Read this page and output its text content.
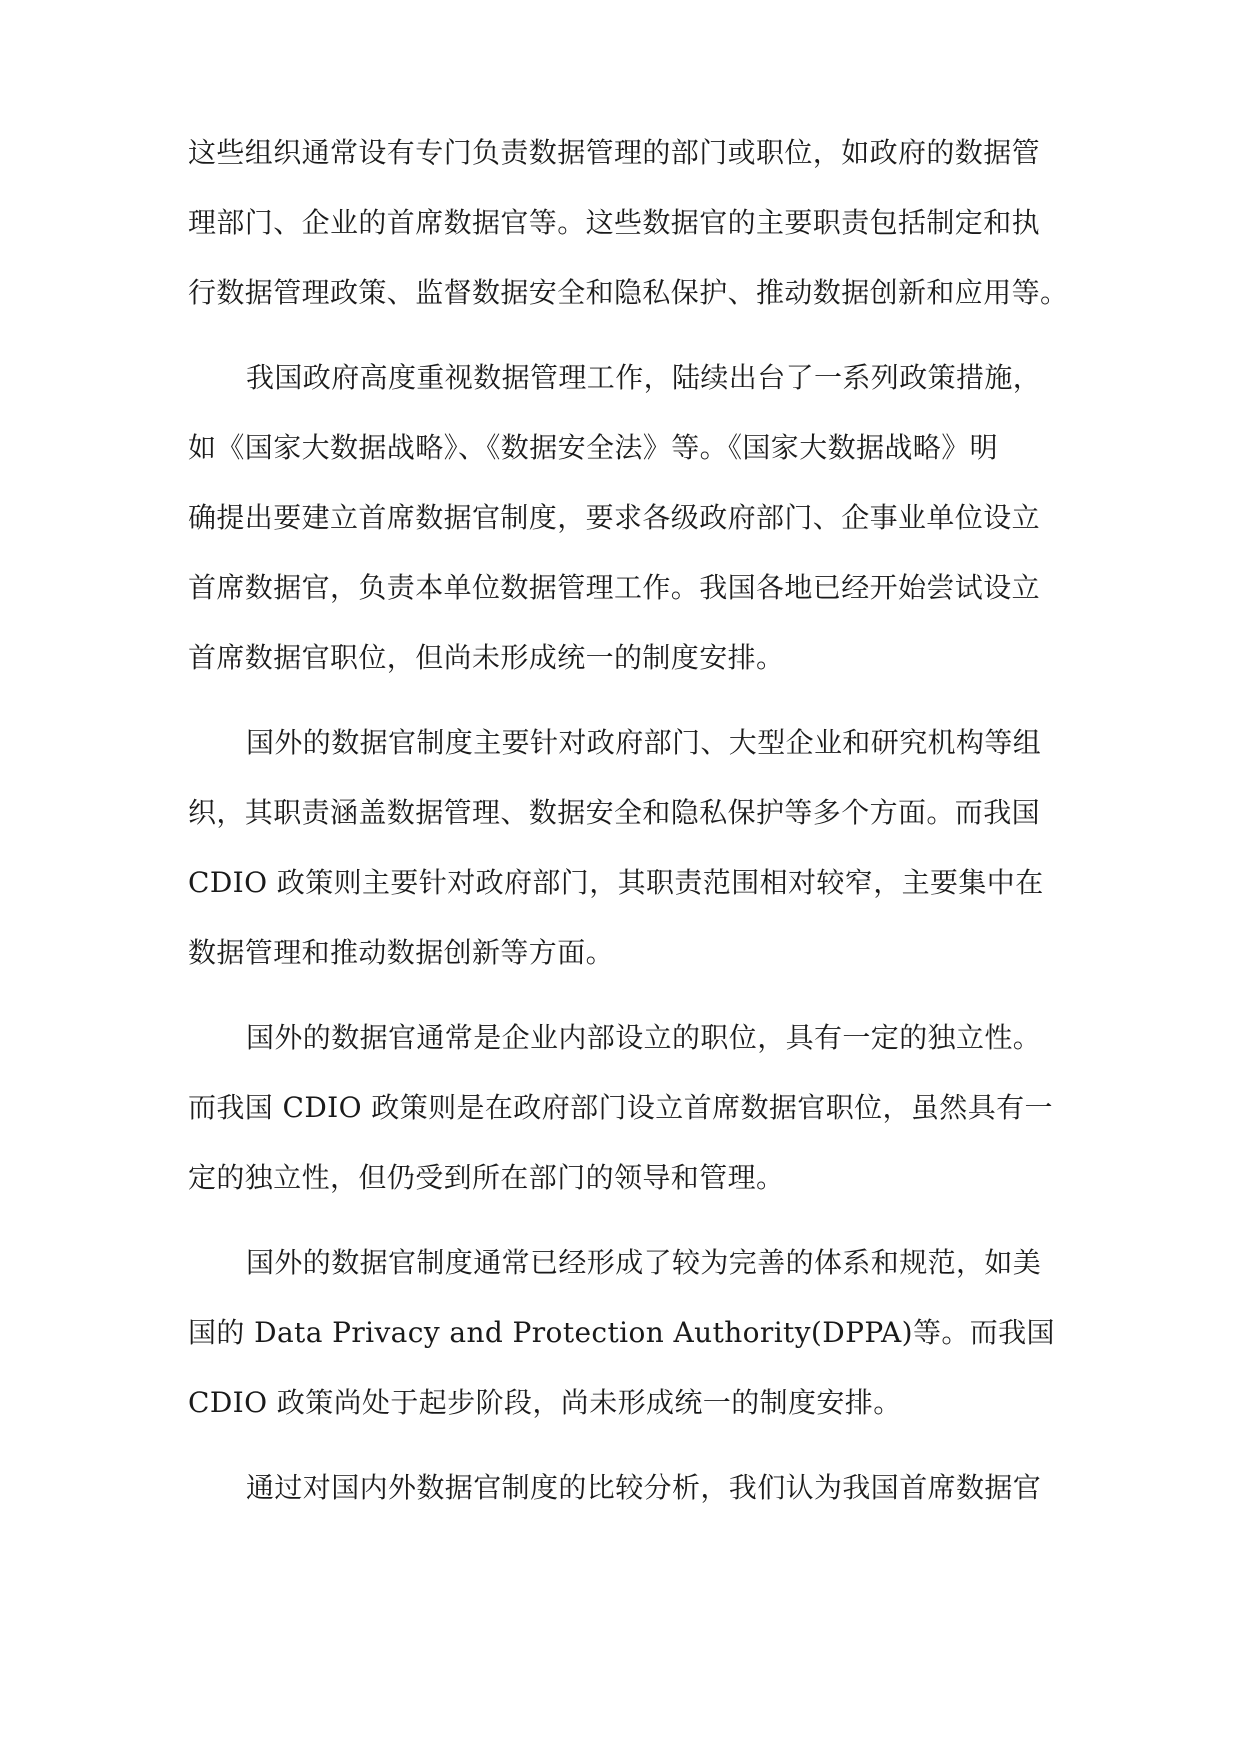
这些组织通常设有专门负责数据管理的部门或职位，如政府的数据管
理部门、企业的首席数据官等。这些数据官的主要职责包括制定和执
行数据管理政策、监督数据安全和隐私保护、推动数据创新和应用等。
我国政府高度重视数据管理工作，陆续出台了一系列政策措施，
如《国家大数据战略》、《数据安全法》等。《国家大数据战略》明
确提出要建立首席数据官制度，要求各级政府部门、企事业单位设立
首席数据官，负责本单位数据管理工作。我国各地已经开始尝试设立
首席数据官职位，但尚未形成统一的制度安排。
国外的数据官制度主要针对政府部门、大型企业和研究机构等组
织，其职责涵盖数据管理、数据安全和隐私保护等多个方面。而我国
CDIO 政策则主要针对政府部门，其职责范围相对较窄，主要集中在
数据管理和推动数据创新等方面。
国外的数据官通常是企业内部设立的职位，具有一定的独立性。
而我国 CDIO 政策则是在政府部门设立首席数据官职位，虽然具有一
定的独立性，但仍受到所在部门的领导和管理。
国外的数据官制度通常已经形成了较为完善的体系和规范，如美
国的 Data Privacy and Protection Authority(DPPA)等。而我国
CDIO 政策尚处于起步阶段，尚未形成统一的制度安排。
通过对国内外数据官制度的比较分析，我们认为我国首席数据官
